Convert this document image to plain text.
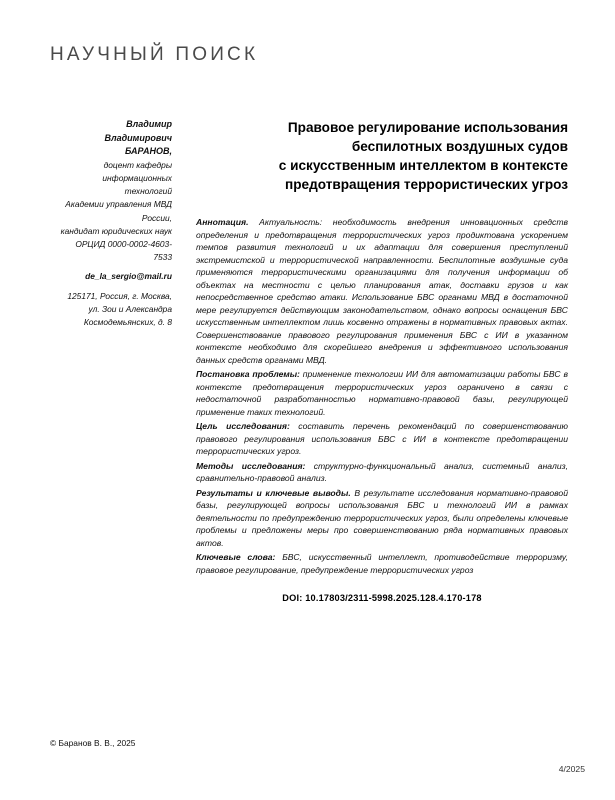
НАУЧНЫЙ ПОИСК
Владимир
Владимирович
БАРАНОВ,
доцент кафедры
информационных
технологий
Академии управления МВД
России,
кандидат юридических наук
ОРЦИД 0000-0002-4603-
7533
de_la_sergio@mail.ru
125171, Россия, г. Москва,
ул. Зои и Александра
Космодемьянских, д. 8
Правовое регулирование использования
беспилотных воздушных судов
с искусственным интеллектом в контексте
предотвращения террористических угроз

Аннотация. Актуальность: необходимость внедрения инновационных средств определения и предотвращения террористических угроз продиктована ускорением темпов развития технологий и их адаптации для совершения преступлений экстремистской и террористической направленности. Беспилотные воздушные суда применяются террористическими организациями для получения информации об объектах на местности с целью планирования атак, доставки грузов и как непосредственное средство атаки. Использование БВС органами МВД в достаточной мере регулируется действующим законодательством, однако вопросы оснащения БВС искусственным интеллектом лишь косвенно отражены в нормативных правовых актах. Совершенствование правового регулирования применения БВС с ИИ в указанном контексте необходимо для скорейшего внедрения и эффективного использования данных средств органами МВД.

Постановка проблемы: применение технологии ИИ для автоматизации работы БВС в контексте предотвращения террористических угроз ограничено в связи с недостаточной разработанностью нормативно-правовой базы, регулирующей применение таких технологий.

Цель исследования: составить перечень рекомендаций по совершенствованию правового регулирования использования БВС с ИИ в контексте предотвращении террористических угроз.

Методы исследования: структурно-функциональный анализ, системный анализ, сравнительно-правовой анализ.

Результаты и ключевые выводы. В результате исследования нормативно-правовой базы, регулирующей вопросы использования БВС и технологий ИИ в рамках деятельности по предупреждению террористических угроз, были определены ключевые проблемы и предложены меры про совершенствованию ряда нормативных правовых актов.

Ключевые слова: БВС, искусственный интеллект, противодействие терроризму, правовое регулирование, предупреждение террористических угроз

DOI: 10.17803/2311-5998.2025.128.4.170-178
© Баранов В. В., 2025
4/2025
